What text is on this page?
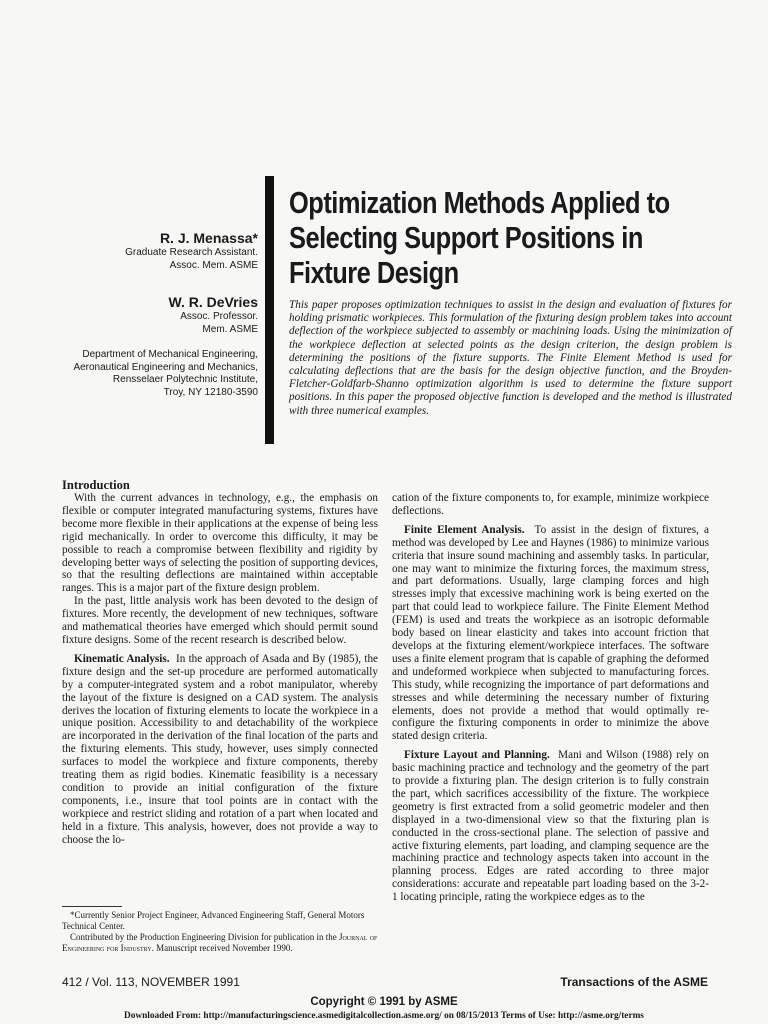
R. J. Menassa*
Graduate Research Assistant.
Assoc. Mem. ASME
W. R. DeVries
Assoc. Professor.
Mem. ASME
Department of Mechanical Engineering,
Aeronautical Engineering and Mechanics,
Rensselaer Polytechnic Institute,
Troy, NY 12180-3590
Optimization Methods Applied to
Selecting Support Positions in
Fixture Design
This paper proposes optimization techniques to assist in the design and evaluation of fixtures for holding prismatic workpieces. This formulation of the fixturing design problem takes into account deflection of the workpiece subjected to assembly or machining loads. Using the minimization of the workpiece deflection at selected points as the design criterion, the design problem is determining the positions of the fixture supports. The Finite Element Method is used for calculating deflections that are the basis for the design objective function, and the Broyden-Fletcher-Goldfarb-Shanno optimization algorithm is used to determine the fixture support positions. In this paper the proposed objective function is developed and the method is illustrated with three numerical examples.
Introduction

With the current advances in technology, e.g., the emphasis on flexible or computer integrated manufacturing systems, fixtures have become more flexible in their applications at the expense of being less rigid mechanically. In order to overcome this difficulty, it may be possible to reach a compromise between flexibility and rigidity by developing better ways of selecting the position of supporting devices, so that the resulting deflections are maintained within acceptable ranges. This is a major part of the fixture design problem.

In the past, little analysis work has been devoted to the design of fixtures. More recently, the development of new techniques, software and mathematical theories have emerged which should permit sound fixture designs. Some of the recent research is described below.

Kinematic Analysis. In the approach of Asada and By (1985), the fixture design and the set-up procedure are performed automatically by a computer-integrated system and a robot manipulator, whereby the layout of the fixture is designed on a CAD system. The analysis derives the location of fixturing elements to locate the workpiece in a unique position. Accessibility to and detachability of the workpiece are incorporated in the derivation of the final location of the parts and the fixturing elements. This study, however, uses simply connected surfaces to model the workpiece and fixture components, thereby treating them as rigid bodies. Kinematic feasibility is a necessary condition to provide an initial configuration of the fixture components, i.e., insure that tool points are in contact with the workpiece and restrict sliding and rotation of a part when located and held in a fixture. This analysis, however, does not provide a way to choose the lo-

cation of the fixture components to, for example, minimize workpiece deflections.

Finite Element Analysis. To assist in the design of fixtures, a method was developed by Lee and Haynes (1986) to minimize various criteria that insure sound machining and assembly tasks. In particular, one may want to minimize the fixturing forces, the maximum stress, and part deformations. Usually, large clamping forces and high stresses imply that excessive machining work is being exerted on the part that could lead to workpiece failure. The Finite Element Method (FEM) is used and treats the workpiece as an isotropic deformable body based on linear elasticity and takes into account friction that develops at the fixturing element/workpiece interfaces. The software uses a finite element program that is capable of graphing the deformed and undeformed workpiece when subjected to manufacturing forces. This study, while recognizing the importance of part deformations and stresses and while determining the necessary number of fixturing elements, does not provide a method that would optimally re-configure the fixturing components in order to minimize the above stated design criteria.

Fixture Layout and Planning. Mani and Wilson (1988) rely on basic machining practice and technology and the geometry of the part to provide a fixturing plan. The design criterion is to fully constrain the part, which sacrifices accessibility of the fixture. The workpiece geometry is first extracted from a solid geometric modeler and then displayed in a two-dimensional view so that the fixturing plan is conducted in the cross-sectional plane. The selection of passive and active fixturing elements, part loading, and clamping sequence are the machining practice and technology aspects taken into account in the planning process. Edges are rated according to three major considerations: accurate and repeatable part loading based on the 3-2-1 locating principle, rating the workpiece edges as to the

*Currently Senior Project Engineer, Advanced Engineering Staff, General Motors Technical Center.

Contributed by the Production Engineering Division for publication in the Journal of Engineering for Industry. Manuscript received November 1990.

412 / Vol. 113, NOVEMBER 1991	Transactions of the ASME
Copyright © 1991 by ASME
Downloaded From: http://manufacturingscience.asmedigitalcollection.asme.org/ on 08/15/2013 Terms of Use: http://asme.org/terms
